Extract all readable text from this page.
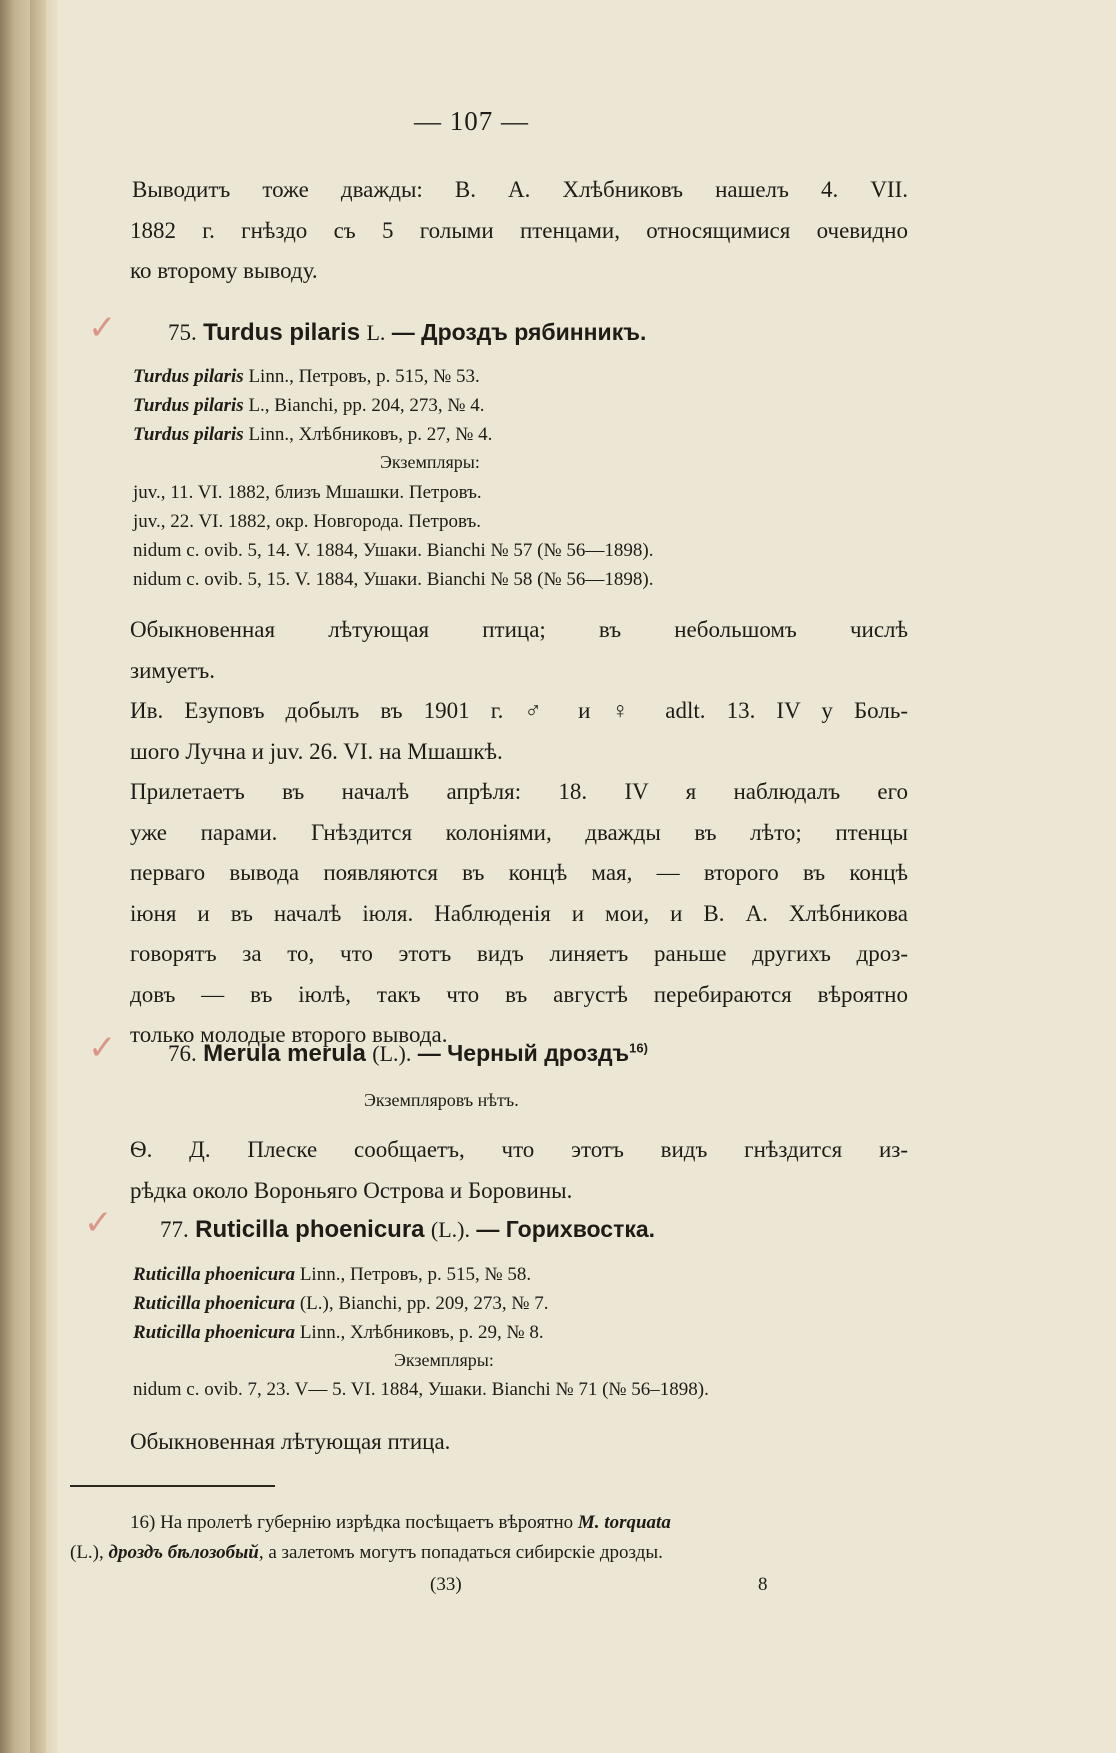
— 107 —
Выводитъ тоже дважды: В. А. Хлѣбниковъ нашелъ 4. VII.
1882 г. гнѣздо съ 5 голыми птенцами, относящимися очевидно
ко второму выводу.
✓ 75. Turdus pilaris L. — Дроздъ рябинникъ.
Turdus pilaris Linn., Петровъ, p. 515, № 53.
Turdus pilaris L., Bianchi, pp. 204, 273, № 4.
Turdus pilaris Linn., Хлѣбниковъ, p. 27, № 4.
Экземпляры:
juv., 11. VI. 1882, близъ Мшашки. Петровъ.
juv., 22. VI. 1882, окр. Новгорода. Петровъ.
nidum c. ovib. 5, 14. V. 1884, Ушаки. Bianchi № 57 (№ 56—1898).
nidum c. ovib. 5, 15. V. 1884, Ушаки. Bianchi № 58 (№ 56—1898).
Обыкновенная лѣтующая птица; въ небольшомъ числѣ
зимуетъ.
Ив. Езуповъ добылъ въ 1901 г. ♂ и ♀ adlt. 13. IV у Боль-
шого Лучна и juv. 26. VI. на Мшашкѣ.
Прилетаетъ въ началѣ апрѣля: 18. IV я наблюдалъ его
уже парами. Гнѣздится колоніями, дважды въ лѣто; птенцы
перваго вывода появляются въ концѣ мая, — второго въ концѣ
іюня и въ началѣ іюля. Наблюденія и мои, и В. А. Хлѣбникова
говорятъ за то, что этотъ видъ линяетъ раньше другихъ дроз-
довъ — въ іюлѣ, такъ что въ августѣ перебираются вѣроятно
только молодые второго вывода.
✓ 76. Merula merula (L.). — Черный дроздъ$^{16)}$
Экземпляровъ нѣтъ.
Ѳ. Д. Плеске сообщаетъ, что этотъ видъ гнѣздится из-
рѣдка около Вороньяго Острова и Боровины.
✓ 77. Ruticilla phoenicura (L.). — Горихвостка.
Ruticilla phoenicura Linn., Петровъ, p. 515, № 58.
Ruticilla phoenicura (L.), Bianchi, pp. 209, 273, № 7.
Ruticilla phoenicura Linn., Хлѣбниковъ, p. 29, № 8.
Экземпляры:
nidum c. ovib. 7, 23. V— 5. VI. 1884, Ушаки. Bianchi № 71 (№ 56–1898).
Обыкновенная лѣтующая птица.
16) На пролетѣ губернію изрѣдка посѣщаетъ вѣроятно M. torquata
(L.), дроздъ бѣлозобый, а залетомъ могутъ попадаться сибирскіе дрозды.
(33)	8
